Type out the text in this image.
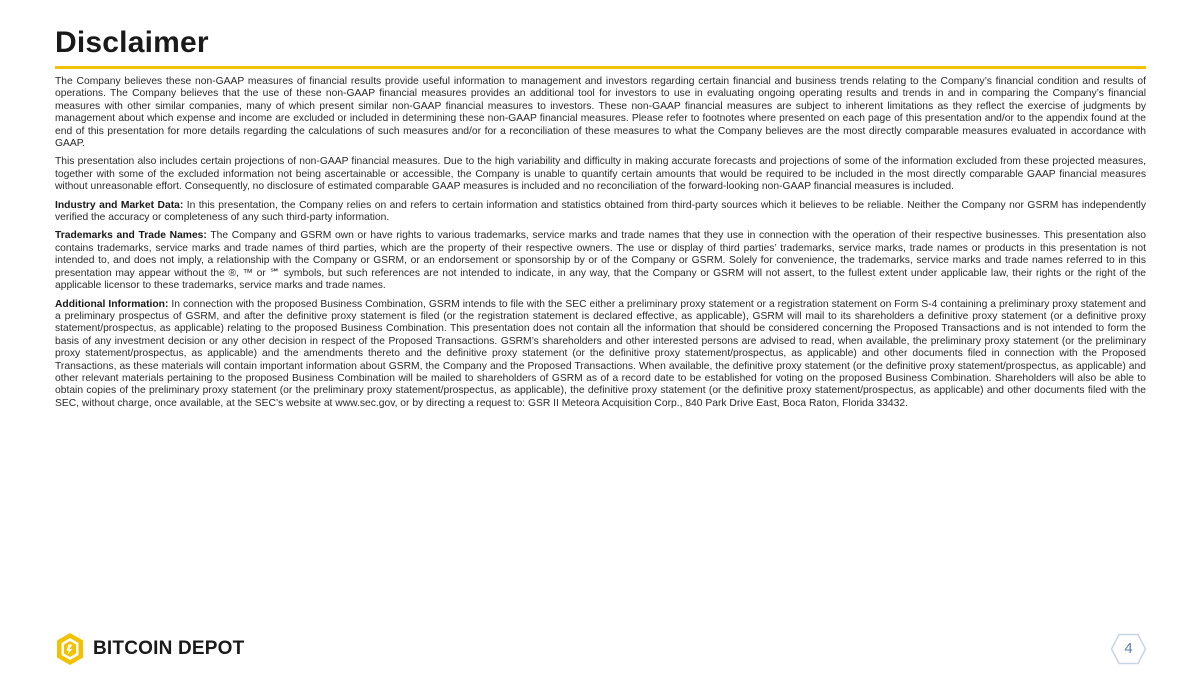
Disclaimer

The Company believes these non-GAAP measures of financial results provide useful information to management and investors regarding certain financial and business trends relating to the Company’s financial condition and results of operations. The Company believes that the use of these non-GAAP financial measures provides an additional tool for investors to use in evaluating ongoing operating results and trends in and in comparing the Company’s financial measures with other similar companies, many of which present similar non-GAAP financial measures to investors. These non-GAAP financial measures are subject to inherent limitations as they reflect the exercise of judgments by management about which expense and income are excluded or included in determining these non-GAAP financial measures. Please refer to footnotes where presented on each page of this presentation and/or to the appendix found at the end of this presentation for more details regarding the calculations of such measures and/or for a reconciliation of these measures to what the Company believes are the most directly comparable measures evaluated in accordance with GAAP.

This presentation also includes certain projections of non-GAAP financial measures. Due to the high variability and difficulty in making accurate forecasts and projections of some of the information excluded from these projected measures, together with some of the excluded information not being ascertainable or accessible, the Company is unable to quantify certain amounts that would be required to be included in the most directly comparable GAAP financial measures without unreasonable effort. Consequently, no disclosure of estimated comparable GAAP measures is included and no reconciliation of the forward-looking non-GAAP financial measures is included.

Industry and Market Data: In this presentation, the Company relies on and refers to certain information and statistics obtained from third-party sources which it believes to be reliable. Neither the Company nor GSRM has independently verified the accuracy or completeness of any such third-party information.

Trademarks and Trade Names: The Company and GSRM own or have rights to various trademarks, service marks and trade names that they use in connection with the operation of their respective businesses. This presentation also contains trademarks, service marks and trade names of third parties, which are the property of their respective owners. The use or display of third parties’ trademarks, service marks, trade names or products in this presentation is not intended to, and does not imply, a relationship with the Company or GSRM, or an endorsement or sponsorship by or of the Company or GSRM. Solely for convenience, the trademarks, service marks and trade names referred to in this presentation may appear without the ®, ™ or ℠ symbols, but such references are not intended to indicate, in any way, that the Company or GSRM will not assert, to the fullest extent under applicable law, their rights or the right of the applicable licensor to these trademarks, service marks and trade names.

Additional Information: In connection with the proposed Business Combination, GSRM intends to file with the SEC either a preliminary proxy statement or a registration statement on Form S-4 containing a preliminary proxy statement and a preliminary prospectus of GSRM, and after the definitive proxy statement is filed (or the registration statement is declared effective, as applicable), GSRM will mail to its shareholders a definitive proxy statement (or a definitive proxy statement/prospectus, as applicable) relating to the proposed Business Combination. This presentation does not contain all the information that should be considered concerning the Proposed Transactions and is not intended to form the basis of any investment decision or any other decision in respect of the Proposed Transactions. GSRM’s shareholders and other interested persons are advised to read, when available, the preliminary proxy statement (or the preliminary proxy statement/prospectus, as applicable) and the amendments thereto and the definitive proxy statement (or the definitive proxy statement/prospectus, as applicable) and other documents filed in connection with the Proposed Transactions, as these materials will contain important information about GSRM, the Company and the Proposed Transactions. When available, the definitive proxy statement (or the definitive proxy statement/prospectus, as applicable) and other relevant materials pertaining to the proposed Business Combination will be mailed to shareholders of GSRM as of a record date to be established for voting on the proposed Business Combination. Shareholders will also be able to obtain copies of the preliminary proxy statement (or the preliminary proxy statement/prospectus, as applicable), the definitive proxy statement (or the definitive proxy statement/prospectus, as applicable) and other documents filed with the SEC, without charge, once available, at the SEC’s website at www.sec.gov, or by directing a request to: GSR II Meteora Acquisition Corp., 840 Park Drive East, Boca Raton, Florida 33432.

BITCOIN DEPOT	4
